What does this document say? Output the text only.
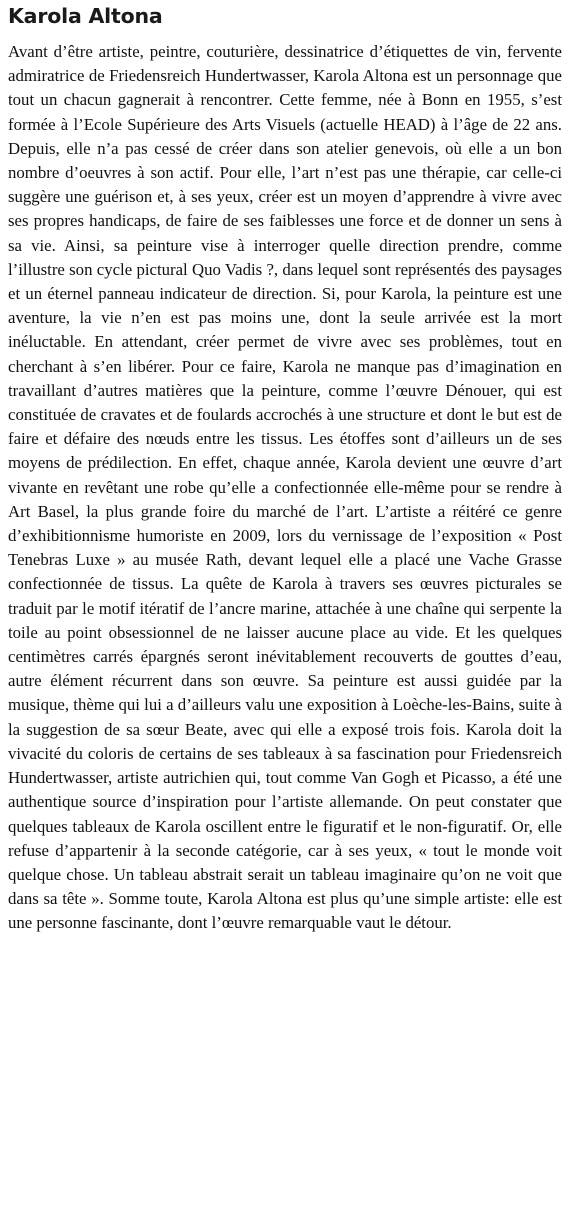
Karola Altona

Avant d’être artiste, peintre, couturière, dessinatrice d’étiquettes de vin, fervente admiratrice de Friedensreich Hundertwasser, Karola Altona est un personnage que tout un chacun gagnerait à rencontrer. Cette femme, née à Bonn en 1955, s’est formée à l’Ecole Supérieure des Arts Visuels (actuelle HEAD) à l’âge de 22 ans. Depuis, elle n’a pas cessé de créer dans son atelier genevois, où elle a un bon nombre d’oeuvres à son actif. Pour elle, l’art n’est pas une thérapie, car celle-ci suggère une guérison et, à ses yeux, créer est un moyen d’apprendre à vivre avec ses propres handicaps, de faire de ses faiblesses une force et de donner un sens à sa vie. Ainsi, sa peinture vise à interroger quelle direction prendre, comme l’illustre son cycle pictural Quo Vadis ?, dans lequel sont représentés des paysages et un éternel panneau indicateur de direction. Si, pour Karola, la peinture est une aventure, la vie n’en est pas moins une, dont la seule arrivée est la mort inéluctable. En attendant, créer permet de vivre avec ses problèmes, tout en cherchant à s’en libérer. Pour ce faire, Karola ne manque pas d’imagination en travaillant d’autres matières que la peinture, comme l’œuvre Dénouer, qui est constituée de cravates et de foulards accrochés à une structure et dont le but est de faire et défaire des nœuds entre les tissus. Les étoffes sont d’ailleurs un de ses moyens de prédilection. En effet, chaque année, Karola devient une œuvre d’art vivante en revêtant une robe qu’elle a confectionnée elle-même pour se rendre à Art Basel, la plus grande foire du marché de l’art. L’artiste a réitéré ce genre d’exhibitionnisme humoriste en 2009, lors du vernissage de l’exposition « Post Tenebras Luxe » au musée Rath, devant lequel elle a placé une Vache Grasse confectionnée de tissus. La quête de Karola à travers ses œuvres picturales se traduit par le motif itératif de l’ancre marine, attachée à une chaîne qui serpente la toile au point obsessionnel de ne laisser aucune place au vide. Et les quelques centimètres carrés épargnés seront inévitablement recouverts de gouttes d’eau, autre élément récurrent dans son œuvre. Sa peinture est aussi guidée par la musique, thème qui lui a d’ailleurs valu une exposition à Loèche-les-Bains, suite à la suggestion de sa sœur Beate, avec qui elle a exposé trois fois. Karola doit la vivacité du coloris de certains de ses tableaux à sa fascination pour Friedensreich Hundertwasser, artiste autrichien qui, tout comme Van Gogh et Picasso, a été une authentique source d’inspiration pour l’artiste allemande. On peut constater que quelques tableaux de Karola oscillent entre le figuratif et le non-figuratif. Or, elle refuse d’appartenir à la seconde catégorie, car à ses yeux, « tout le monde voit quelque chose. Un tableau abstrait serait un tableau imaginaire qu’on ne voit que dans sa tête ». Somme toute, Karola Altona est plus qu’une simple artiste: elle est une personne fascinante, dont l’œuvre remarquable vaut le détour.
